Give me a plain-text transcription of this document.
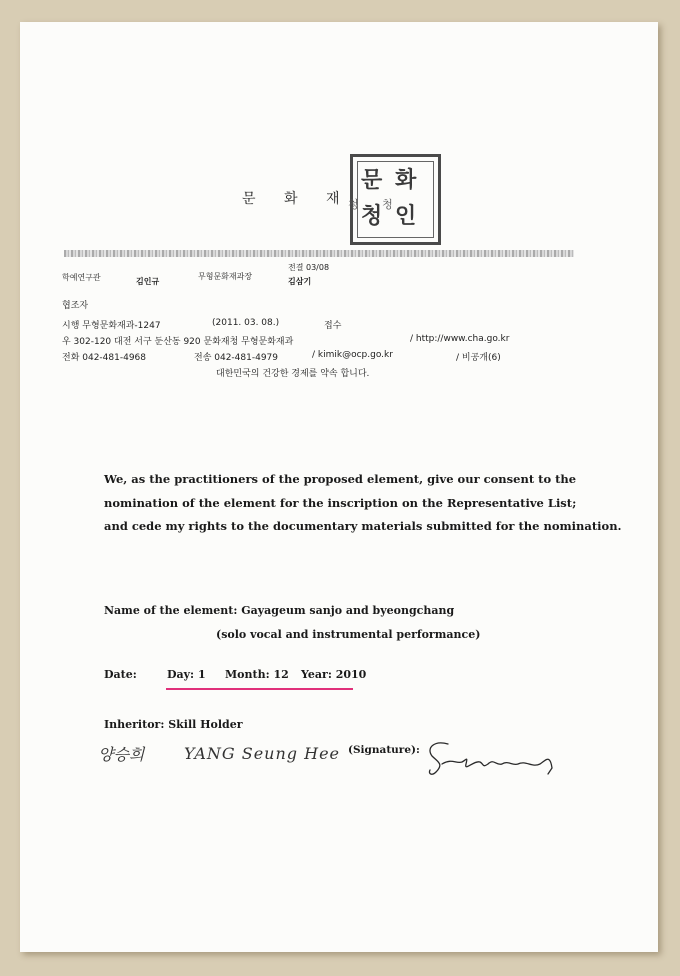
문 화 재
문 화
청 인
청 청
학예연구관	김인규
무형문화재과장
전결 03/08
김삼기
협조자
시행 무형문화재과-1247	(2011. 03. 08.)	접수
우 302-120 대전 서구 둔산동 920 문화재청 무형문화재과	/ http://www.cha.go.kr
전화 042-481-4968	전송 042-481-4979	/ kimik@ocp.go.kr	/ 비공개(6)
대한민국의 건강한 경제를 약속 합니다.
We, as the practitioners of the proposed element, give our consent to the
nomination of the element for the inscription on the Representative List;
and cede my rights to the documentary materials submitted for the nomination.
Name of the element: Gayageum sanjo and byeongchang
(solo vocal and instrumental performance)
Date:	Day: 1 Month: 12 Year: 2010
Inheritor: Skill Holder
양승희 YANG Seung Hee (Signature):
